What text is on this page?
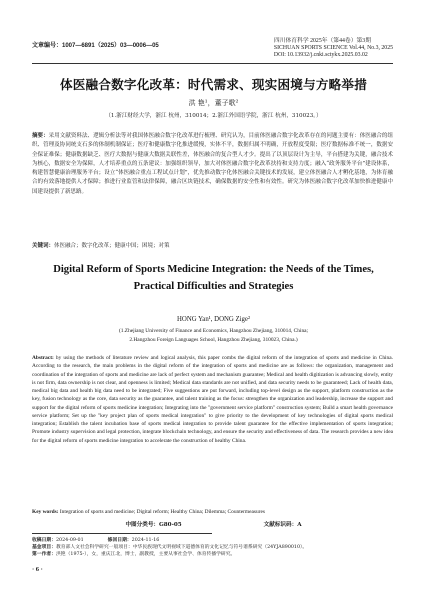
文章编号：1007—6891（2025）03—0006—05
四川体育科学 2025年（第44卷）第3期
SICHUAN SPORTS SCIENCE Vol.44, No.3, 2025
DOI: 10.13932/j.cnki.sctykx.2025.03.02
体医融合数字化改革：时代需求、现实困境与方略举措
洪 艳¹，董子歌²
（1.浙江财经大学，浙江 杭州，310014；2.浙江外国语学院，浙江 杭州，310023。）
摘要：采用文献资料法、逻辑分析法等对我国体医融合数字化改革进行梳理、研究认为，目前体医融合数字化改革存在的问题主要有：体医融合的组织、管理及协同统支石多的体制机制保证；医疗和健康数字化推进缓慢，实体不平，数据归属不明确，开放程度受限；医疗数据标准不统一，数据安全保证难保；健康数据缺乏、医疗大数据与健康大数据关联性差，体医融合的复合型人才少。提出了以顶层设计为主导，平台搭建为关键，融合技术为核心，数据安全为保障，人才培养重点的五条建议：加强组织领导，加大对体医融合数字化改革扶持和支持力度；融入“政务服务平台”建设体系，构建智慧健康治理服务平台；设立“体医融合重点工程试点计划”，优先推动数字化体医融合关键技术的发展，建立体医融合人才孵化基地，为体育融合的有效落地提供人才保障；推进行业监管和法律保障，融合区块链技术，确保数据的安全性和有效性。研究为体医融合数字化改革加快推进健康中国建设提供了新思路。
关键词：体医融合；数字化改革；健康中国；困境；对策
Digital Reform of Sports Medicine Integration: the Needs of the Times, Practical Difficulties and Strategies
HONG Yan¹, DONG Zige²
(1.Zhejiang University of Finance and Economics, Hangzhou Zhejiang, 310014, China;
2.Hangzhou Foreign Languages School, Hangzhou Zhejiang, 310023, China.)
Abstract: by using the methods of literature review and logical analysis, this paper combs the digital reform of the integration of sports and medicine in China. According to the research, the main problems in the digital reform of the integration of sports and medicine are as follows: the organization, management and coordination of the integration of sports and medicine are lack of perfect system and mechanism guarantee; Medical and health digitization is advancing slowly, entity is not firm, data ownership is not clear, and openness is limited; Medical data standards are not unified, and data security needs to be guaranteed; Lack of health data, medical big data and health big data need to be integrated; Five suggestions are put forward, including top-level design as the support, platform construction as the key, fusion technology as the core, data security as the guarantee, and talent training as the focus: strengthen the organization and leadership, increase the support and support for the digital reform of sports medicine integration; Integrating into the "government service platform" construction system; Build a smart health governance service platform; Set up the "key project plan of sports medical integration" to give priority to the development of key technologies of digital sports medical integration; Establish the talent incubation base of sports medical integration to provide talent guarantee for the effective implementation of sports integration; Promote industry supervision and legal protection, integrate blockchain technology, and ensure the security and effectiveness of data. The research provides a new idea for the digital reform of sports medicine integration to accelerate the construction of healthy China.
Key words: Integration of sports and medicine; Digital reform; Healthy China; Dilemma; Countermeasures
中图分类号：G80-05	文献标识码：A
收稿日期：2024-09-01	修回日期：2024-11-16
基金项目：教育部人文社会科学研究一般项目：中华民族现代文明视域下道德体育的文化记忆与符号谱系研究（24YJA890010）。
第一作者：洪艳（1975-），女，重庆江北，博士，副教授，主要从事社会学、体育传播学研究。
· 6 ·
